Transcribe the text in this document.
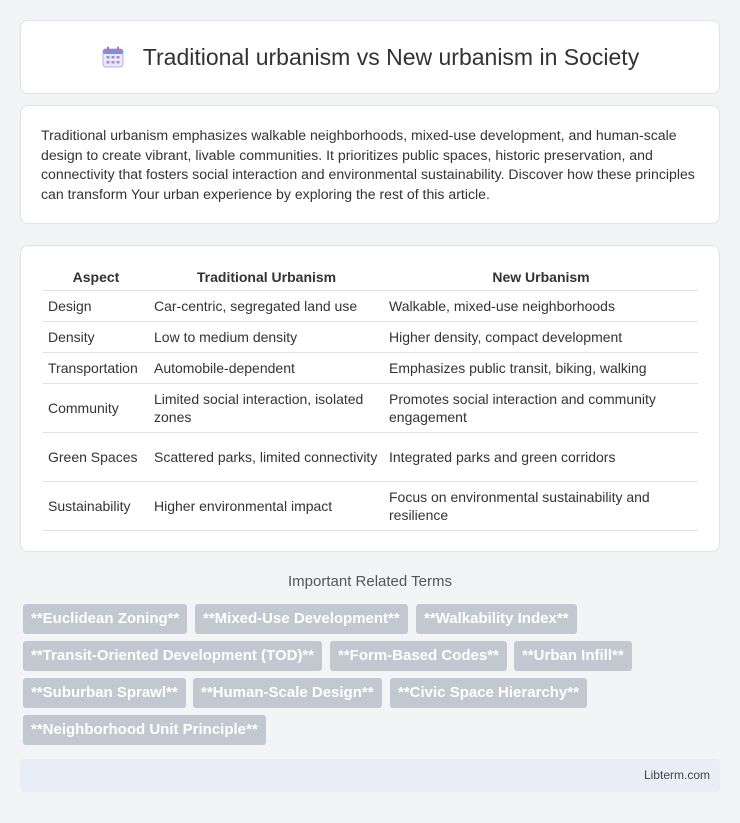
Traditional urbanism vs New urbanism in Society

Traditional urbanism emphasizes walkable neighborhoods, mixed-use development, and human-scale design to create vibrant, livable communities. It prioritizes public spaces, historic preservation, and connectivity that fosters social interaction and environmental sustainability. Discover how these principles can transform Your urban experience by exploring the rest of this article.

Aspect	Traditional Urbanism	New Urbanism
Design	Car-centric, segregated land use	Walkable, mixed-use neighborhoods
Density	Low to medium density	Higher density, compact development
Transportation	Automobile-dependent	Emphasizes public transit, biking, walking
Community	Limited social interaction, isolated zones	Promotes social interaction and community engagement
Green Spaces	Scattered parks, limited connectivity	Integrated parks and green corridors
Sustainability	Higher environmental impact	Focus on environmental sustainability and resilience
Important Related Terms
**Euclidean Zoning**	**Mixed-Use Development**	**Walkability Index**
**Transit-Oriented Development (TOD)**	**Form-Based Codes**	**Urban Infill**
**Suburban Sprawl**	**Human-Scale Design**	**Civic Space Hierarchy**
**Neighborhood Unit Principle**
Libterm.com
